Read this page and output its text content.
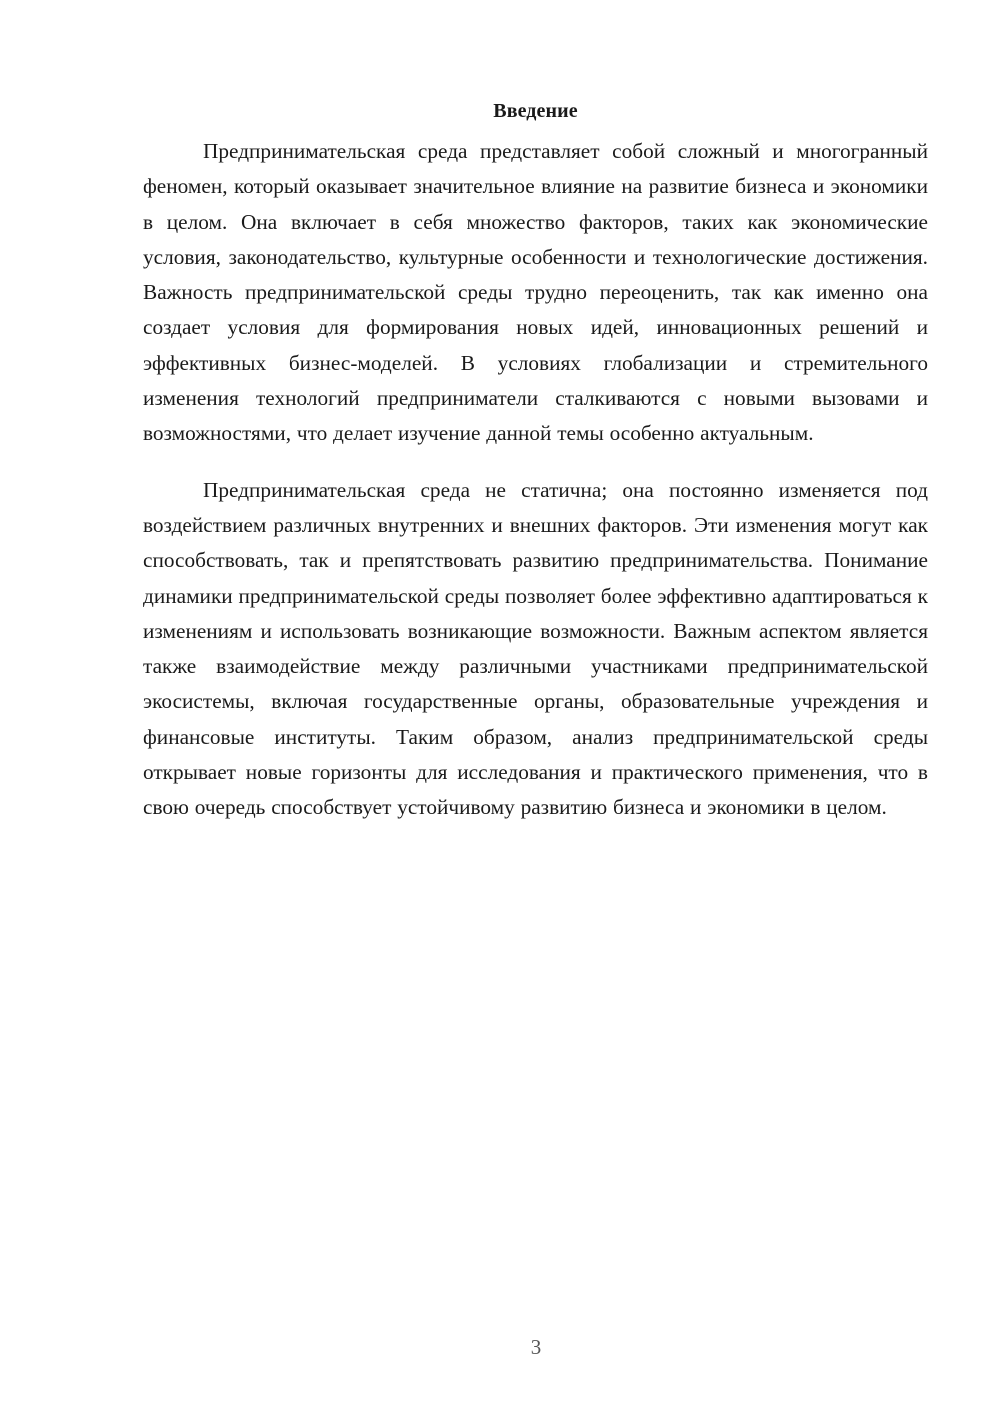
Введение

Предпринимательская среда представляет собой сложный и многогранный феномен, который оказывает значительное влияние на развитие бизнеса и экономики в целом. Она включает в себя множество факторов, таких как экономические условия, законодательство, культурные особенности и технологические достижения. Важность предпринимательской среды трудно переоценить, так как именно она создает условия для формирования новых идей, инновационных решений и эффективных бизнес-моделей. В условиях глобализации и стремительного изменения технологий предприниматели сталкиваются с новыми вызовами и возможностями, что делает изучение данной темы особенно актуальным.

Предпринимательская среда не статична; она постоянно изменяется под воздействием различных внутренних и внешних факторов. Эти изменения могут как способствовать, так и препятствовать развитию предпринимательства. Понимание динамики предпринимательской среды позволяет более эффективно адаптироваться к изменениям и использовать возникающие возможности. Важным аспектом является также взаимодействие между различными участниками предпринимательской экосистемы, включая государственные органы, образовательные учреждения и финансовые институты. Таким образом, анализ предпринимательской среды открывает новые горизонты для исследования и практического применения, что в свою очередь способствует устойчивому развитию бизнеса и экономики в целом.

3
